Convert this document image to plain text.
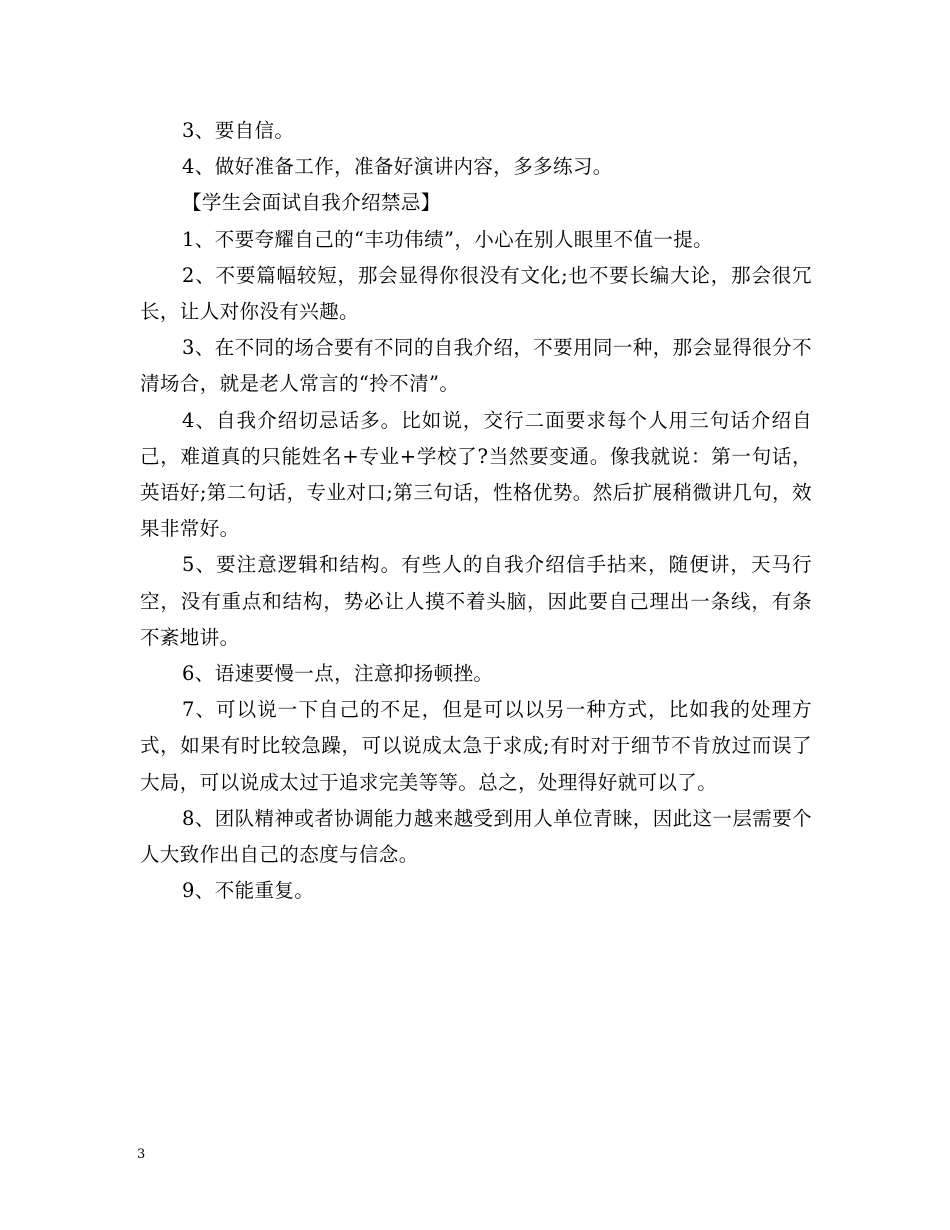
3、要自信。

4、做好准备工作，准备好演讲内容，多多练习。

【学生会面试自我介绍禁忌】

1、不要夸耀自己的“丰功伟绩”，小心在别人眼里不值一提。

2、不要篇幅较短，那会显得你很没有文化;也不要长编大论，那会很冗长，让人对你没有兴趣。

3、在不同的场合要有不同的自我介绍，不要用同一种，那会显得很分不清场合，就是老人常言的“拎不清”。

4、自我介绍切忌话多。比如说，交行二面要求每个人用三句话介绍自己，难道真的只能姓名+专业+学校了?当然要变通。像我就说：第一句话，英语好;第二句话，专业对口;第三句话，性格优势。然后扩展稍微讲几句，效果非常好。

5、要注意逻辑和结构。有些人的自我介绍信手拈来，随便讲，天马行空，没有重点和结构，势必让人摸不着头脑，因此要自己理出一条线，有条不紊地讲。

6、语速要慢一点，注意抑扬顿挫。

7、可以说一下自己的不足，但是可以以另一种方式，比如我的处理方式，如果有时比较急躁，可以说成太急于求成;有时对于细节不肯放过而误了大局，可以说成太过于追求完美等等。总之，处理得好就可以了。

8、团队精神或者协调能力越来越受到用人单位青睐，因此这一层需要个人大致作出自己的态度与信念。

9、不能重复。

3
